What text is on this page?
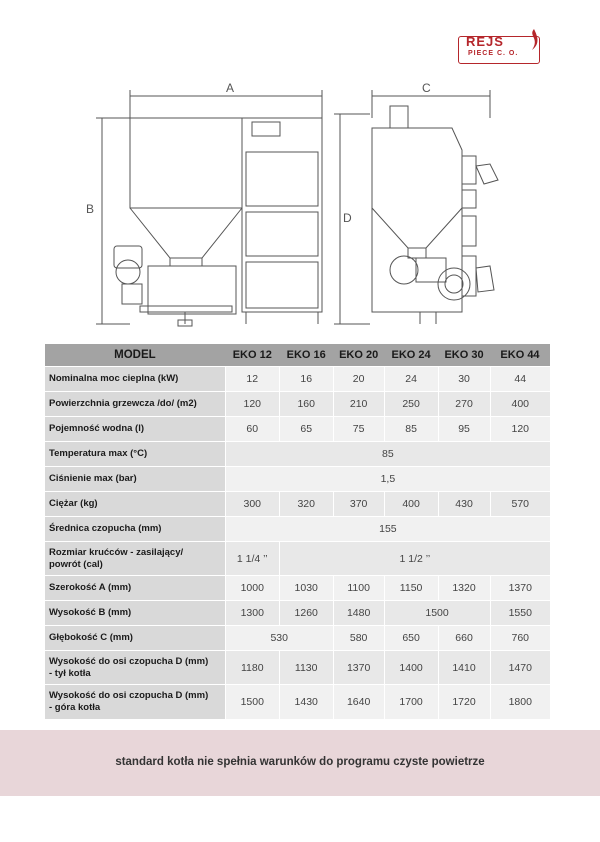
REJS
PIECE C. O.
A
B
C
D
MODEL	EKO 12	EKO 16	EKO 20	EKO 24	EKO 30	EKO 44
Nominalna moc cieplna (kW)	12	16	20	24	30	44
Powierzchnia grzewcza /do/ (m2)	120	160	210	250	270	400
Pojemność wodna (l)	60	65	75	85	95	120
Temperatura max (°C)	85					
Ciśnienie max (bar)	1,5					
Ciężar (kg)	300	320	370	400	430	570
Średnica czopucha (mm)	155					
Rozmiar krućców - zasilający/
powrót (cal)	1 1/4 ’’	1 1/2 ’’				
Szerokość A (mm)	1000	1030	1100	1150	1320	1370
Wysokość B (mm)	1300	1260	1480	1500		1550
Głębokość C (mm)	530		580	650	660	760
Wysokość do osi czopucha D (mm)
- tył kotła	1180	1130	1370	1400	1410	1470
Wysokość do osi czopucha D (mm)
- góra kotła	1500	1430	1640	1700	1720	1800
standard kotła nie spełnia warunków do programu czyste powietrze
